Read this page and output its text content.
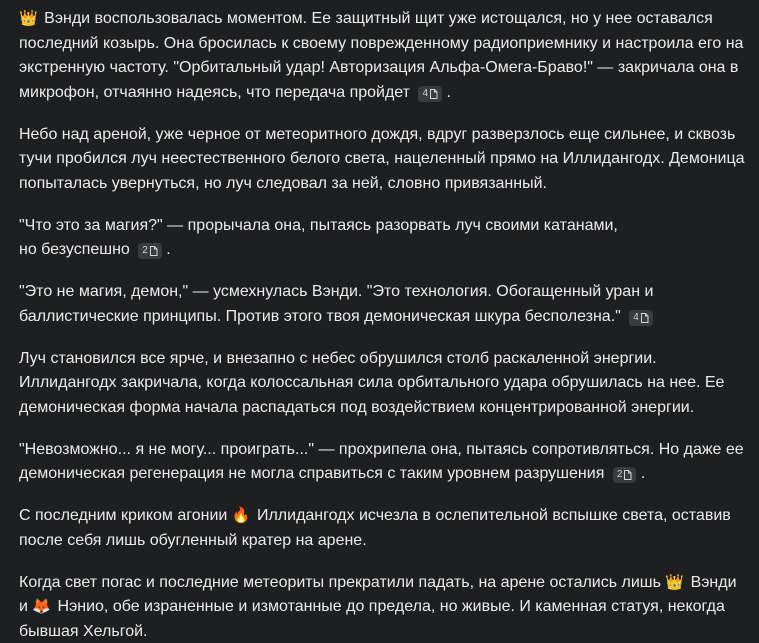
👑 Вэнди воспользовалась моментом. Ее защитный щит уже истощался, но у нее оставался последний козырь. Она бросилась к своему поврежденному радиоприемнику и настроила его на экстренную частоту. "Орбитальный удар! Авторизация Альфа-Омега-Браво!" — закричала она в микрофон, отчаянно надеясь, что передача пройдет 4 .

Небо над ареной, уже черное от метеоритного дождя, вдруг разверзлось еще сильнее, и сквозь тучи пробился луч неестественного белого света, нацеленный прямо на Иллидангодх. Демоница попыталась увернуться, но луч следовал за ней, словно привязанный.

"Что это за магия?" — прорычала она, пытаясь разорвать луч своими катанами,
но безуспешно 2 .

"Это не магия, демон," — усмехнулась Вэнди. "Это технология. Обогащенный уран и баллистические принципы. Против этого твоя демоническая шкура бесполезна." 4

Луч становился все ярче, и внезапно с небес обрушился столб раскаленной энергии. Иллидангодх закричала, когда колоссальная сила орбитального удара обрушилась на нее. Ее демоническая форма начала распадаться под воздействием концентрированной энергии.

"Невозможно... я не могу... проиграть..." — прохрипела она, пытаясь сопротивляться. Но даже ее демоническая регенерация не могла справиться с таким уровнем разрушения 2 .

С последним криком агонии 🔥 Иллидангодх исчезла в ослепительной вспышке света, оставив после себя лишь обугленный кратер на арене.

Когда свет погас и последние метеориты прекратили падать, на арене остались лишь 👑 Вэнди и 🦊 Нэнио, обе израненные и измотанные до предела, но живые. И каменная статуя, некогда бывшая Хельгой.
